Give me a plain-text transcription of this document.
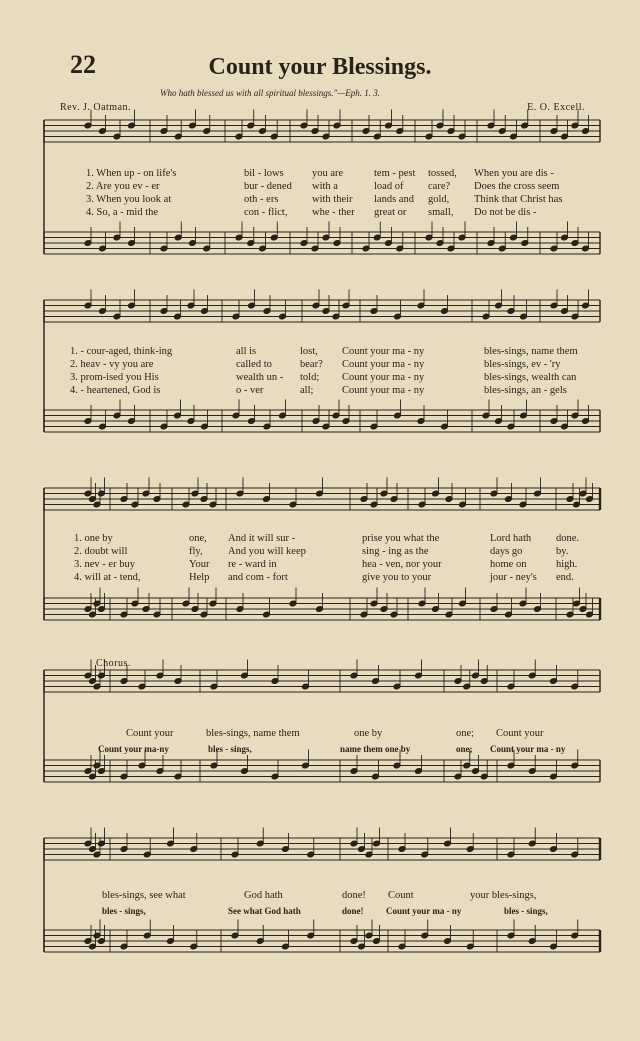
22	Count your Blessings.
Who hath blessed us with all spiritual blessings."—Eph. 1. 3.
Rev. J. Oatman.	E. O. Excell.
1. When up - on life's	bil - lows	you are	tem - pest tossed, When you are dis -
2. Are you ev - er	bur - dened with a	load of care? Does the cross seem
3. When you look at	oth - ers	with their lands and gold, Think that Christ has
4. So, a - mid the	con - flict, whe - ther great or small, Do not be dis -
1. - cour-aged, think-ing	all is	lost, Count your ma - ny	bles-sings, name them
2. heav - vy you are	called to	bear? Count your ma - ny	bles-sings, ev - 'ry
3. prom-ised you His	wealth un - told; Count your ma - ny	bles-sings, wealth can
4. - heartened, God is	o - ver	all;	Count your ma - ny	bles-sings, an - gels
1. one by	one, And it will sur -	prise you what the	Lord hath done.
2. doubt will	fly, And you will keep	sing - ing as the	days go	by.
3. nev - er buy	Your re - ward in	hea - ven, nor your	home on	high.
4. will at - tend,	Help and com - fort	give you to your	jour - ney's end.
Chorus.
Count your	bles-sings, name them	one by	one; Count your
Count your ma-ny	bles - sings,	name them one by	one; Count your ma - ny
bles-sings, see what	God hath	done! Count	your bles-sings,
bles - sings,	See what God hath	done! Count your ma - ny	bles - sings,
